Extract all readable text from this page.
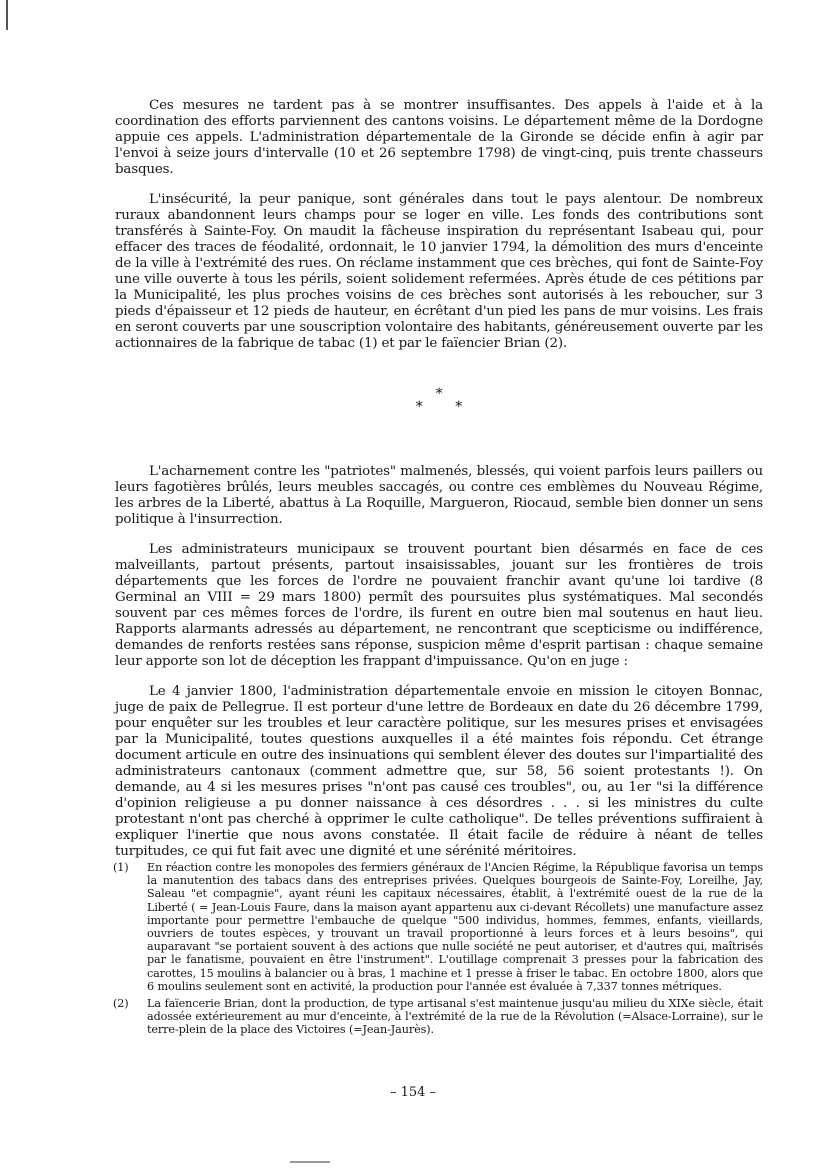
Ces mesures ne tardent pas à se montrer insuffisantes. Des appels à l'aide et à la coordination des efforts parviennent des cantons voisins. Le département même de la Dordogne appuie ces appels. L'administration départementale de la Gironde se décide enfin à agir par l'envoi à seize jours d'intervalle (10 et 26 septembre 1798) de vingt-cinq, puis trente chasseurs basques.

L'insécurité, la peur panique, sont générales dans tout le pays alentour. De nombreux ruraux abandonnent leurs champs pour se loger en ville. Les fonds des contributions sont transférés à Sainte-Foy. On maudit la fâcheuse inspiration du représentant Isabeau qui, pour effacer des traces de féodalité, ordonnait, le 10 janvier 1794, la démolition des murs d'enceinte de la ville à l'extrémité des rues. On réclame instamment que ces brèches, qui font de Sainte-Foy une ville ouverte à tous les périls, soient solidement refermées. Après étude de ces pétitions par la Municipalité, les plus proches voisins de ces brèches sont autorisés à les reboucher, sur 3 pieds d'épaisseur et 12 pieds de hauteur, en écrêtant d'un pied les pans de mur voisins. Les frais en seront couverts par une souscription volontaire des habitants, généreusement ouverte par les actionnaires de la fabrique de tabac (1) et par le faïencier Brian (2).

*
* *

L'acharnement contre les "patriotes" malmenés, blessés, qui voient parfois leurs paillers ou leurs fagotières brûlés, leurs meubles saccagés, ou contre ces emblèmes du Nouveau Régime, les arbres de la Liberté, abattus à La Roquille, Margueron, Riocaud, semble bien donner un sens politique à l'insurrection.

Les administrateurs municipaux se trouvent pourtant bien désarmés en face de ces malveillants, partout présents, partout insaisissables, jouant sur les frontières de trois départements que les forces de l'ordre ne pouvaient franchir avant qu'une loi tardive (8 Germinal an VIII = 29 mars 1800) permît des poursuites plus systématiques. Mal secondés souvent par ces mêmes forces de l'ordre, ils furent en outre bien mal soutenus en haut lieu. Rapports alarmants adressés au département, ne rencontrant que scepticisme ou indifférence, demandes de renforts restées sans réponse, suspicion même d'esprit partisan : chaque semaine leur apporte son lot de déception les frappant d'impuissance. Qu'on en juge :

Le 4 janvier 1800, l'administration départementale envoie en mission le citoyen Bonnac, juge de paix de Pellegrue. Il est porteur d'une lettre de Bordeaux en date du 26 décembre 1799, pour enquêter sur les troubles et leur caractère politique, sur les mesures prises et envisagées par la Municipalité, toutes questions auxquelles il a été maintes fois répondu. Cet étrange document articule en outre des insinuations qui semblent élever des doutes sur l'impartialité des administrateurs cantonaux (comment admettre que, sur 58, 56 soient protestants !). On demande, au 4 si les mesures prises "n'ont pas causé ces troubles", ou, au 1er "si la différence d'opinion religieuse a pu donner naissance à ces désordres . . . si les ministres du culte protestant n'ont pas cherché à opprimer le culte catholique". De telles préventions suffiraient à expliquer l'inertie que nous avons constatée. Il était facile de réduire à néant de telles turpitudes, ce qui fut fait avec une dignité et une sérénité méritoires.

(1)	En réaction contre les monopoles des fermiers généraux de l'Ancien Régime, la République favorisa un temps la manutention des tabacs dans des entreprises privées. Quelques bourgeois de Sainte-Foy, Loreilhe, Jay, Saleau "et compagnie", ayant réuni les capitaux nécessaires, établit, à l'extrémité ouest de la rue de la Liberté ( = Jean-Louis Faure, dans la maison ayant appartenu aux ci-devant Récollets) une manufacture assez importante pour permettre l'embauche de quelque "500 individus, hommes, femmes, enfants, vieillards, ouvriers de toutes espèces, y trouvant un travail proportionné à leurs forces et à leurs besoins", qui auparavant "se portaient souvent à des actions que nulle société ne peut autoriser, et d'autres qui, maîtrisés par le fanatisme, pouvaient en être l'instrument". L'outillage comprenait 3 presses pour la fabrication des carottes, 15 moulins à balancier ou à bras, 1 machine et 1 presse à friser le tabac. En octobre 1800, alors que 6 moulins seulement sont en activité, la production pour l'année est évaluée à 7,337 tonnes métriques.
(2)	La faïencerie Brian, dont la production, de type artisanal s'est maintenue jusqu'au milieu du XIXe siècle, était adossée extérieurement au mur d'enceinte, à l'extrémité de la rue de la Révolution (=Alsace-Lorraine), sur le terre-plein de la place des Victoires (=Jean-Jaurès).
– 154 –
